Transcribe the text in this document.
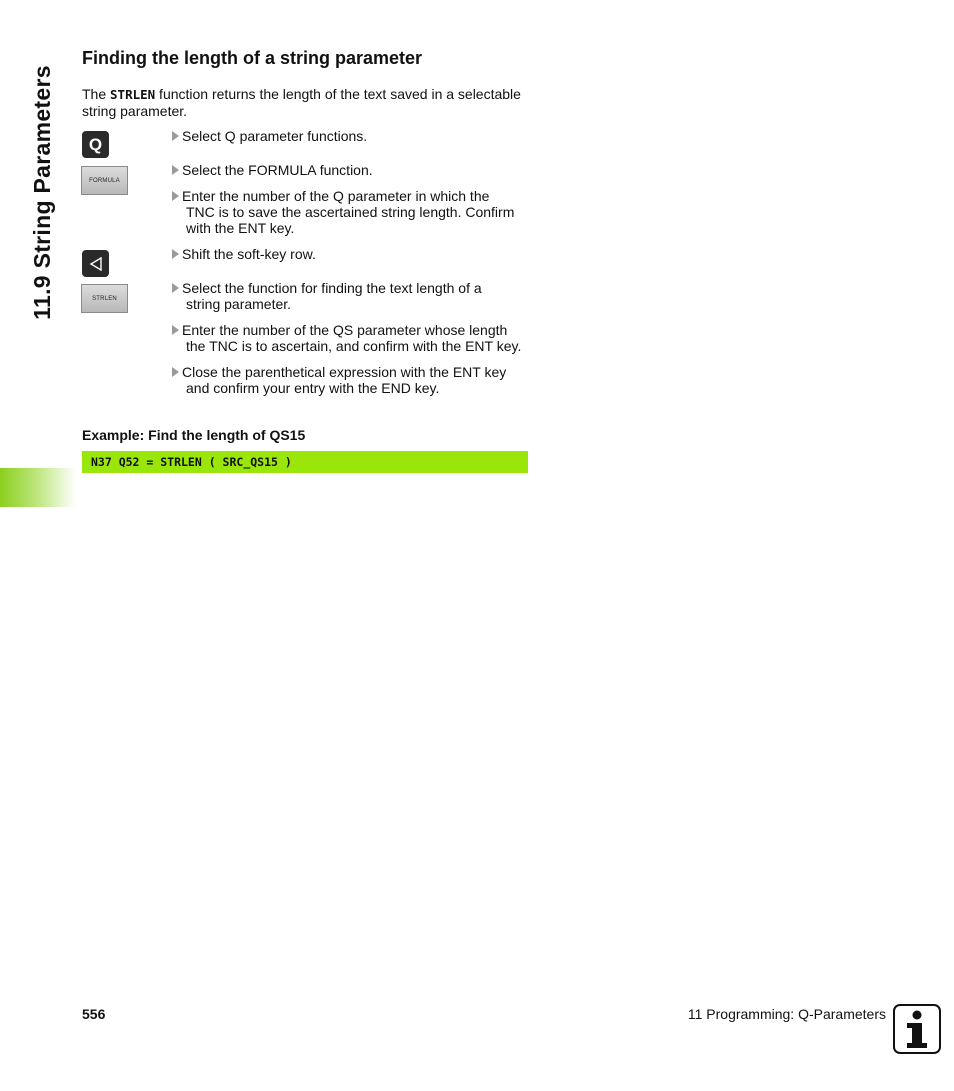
11.9 String Parameters
Finding the length of a string parameter

The STRLEN function returns the length of the text saved in a selectable string parameter.

Q
FORMULA
STRLEN

Select Q parameter functions.

Select the FORMULA function.

Enter the number of the Q parameter in which the
TNC is to save the ascertained string length. Confirm with the ENT key.

Shift the soft-key row.

Select the function for finding the text length of a
string parameter.

Enter the number of the QS parameter whose length
the TNC is to ascertain, and confirm with the ENT key.

Close the parenthetical expression with the ENT key
and confirm your entry with the END key.

Example: Find the length of QS15

N37 Q52 = STRLEN ( SRC_QS15 )
556	11 Programming: Q-Parameters
